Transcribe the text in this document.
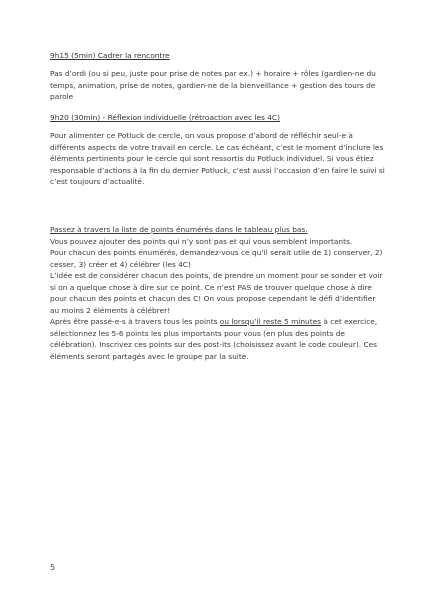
9h15 (5min) Cadrer la rencontre
Pas d’ordi (ou si peu, juste pour prise de notes par ex.) + horaire + rôles (gardien-ne du
temps, animation, prise de notes, gardien-ne de la bienveillance + gestion des tours de
parole
9h20 (30min) - Réflexion individuelle (rétroaction avec les 4C)
Pour alimenter ce Potluck de cercle, on vous propose d’abord de réfléchir seul-e à
différents aspects de votre travail en cercle. Le cas échéant, c’est le moment d’inclure les
éléments pertinents pour le cercle qui sont ressortis du Potluck individuel. Si vous étiez
responsable d’actions à la fin du dernier Potluck, c’est aussi l’occasion d’en faire le suivi si
c’est toujours d’actualité.
Passez à travers la liste de points énumérés dans le tableau plus bas.
Vous pouvez ajouter des points qui n’y sont pas et qui vous semblent importants.
Pour chacun des points énumérés, demandez-vous ce qu’il serait utile de 1) conserver, 2)
cesser, 3) créer et 4) célébrer (les 4C)
L’idée est de considérer chacun des points, de prendre un moment pour se sonder et voir
si on a quelque chose à dire sur ce point. Ce n’est PAS de trouver quelque chose à dire
pour chacun des points et chacun des C! On vous propose cependant le défi d’identifier
au moins 2 éléments à célébrer!
Après être passé-e-s à travers tous les points ou lorsqu’il reste 5 minutes à cet exercice,
sélectionnez les 5-6 points les plus importants pour vous (en plus des points de
célébration). Inscrivez ces points sur des post-its (choisissez avant le code couleur). Ces
éléments seront partagés avec le groupe par la suite.
5
